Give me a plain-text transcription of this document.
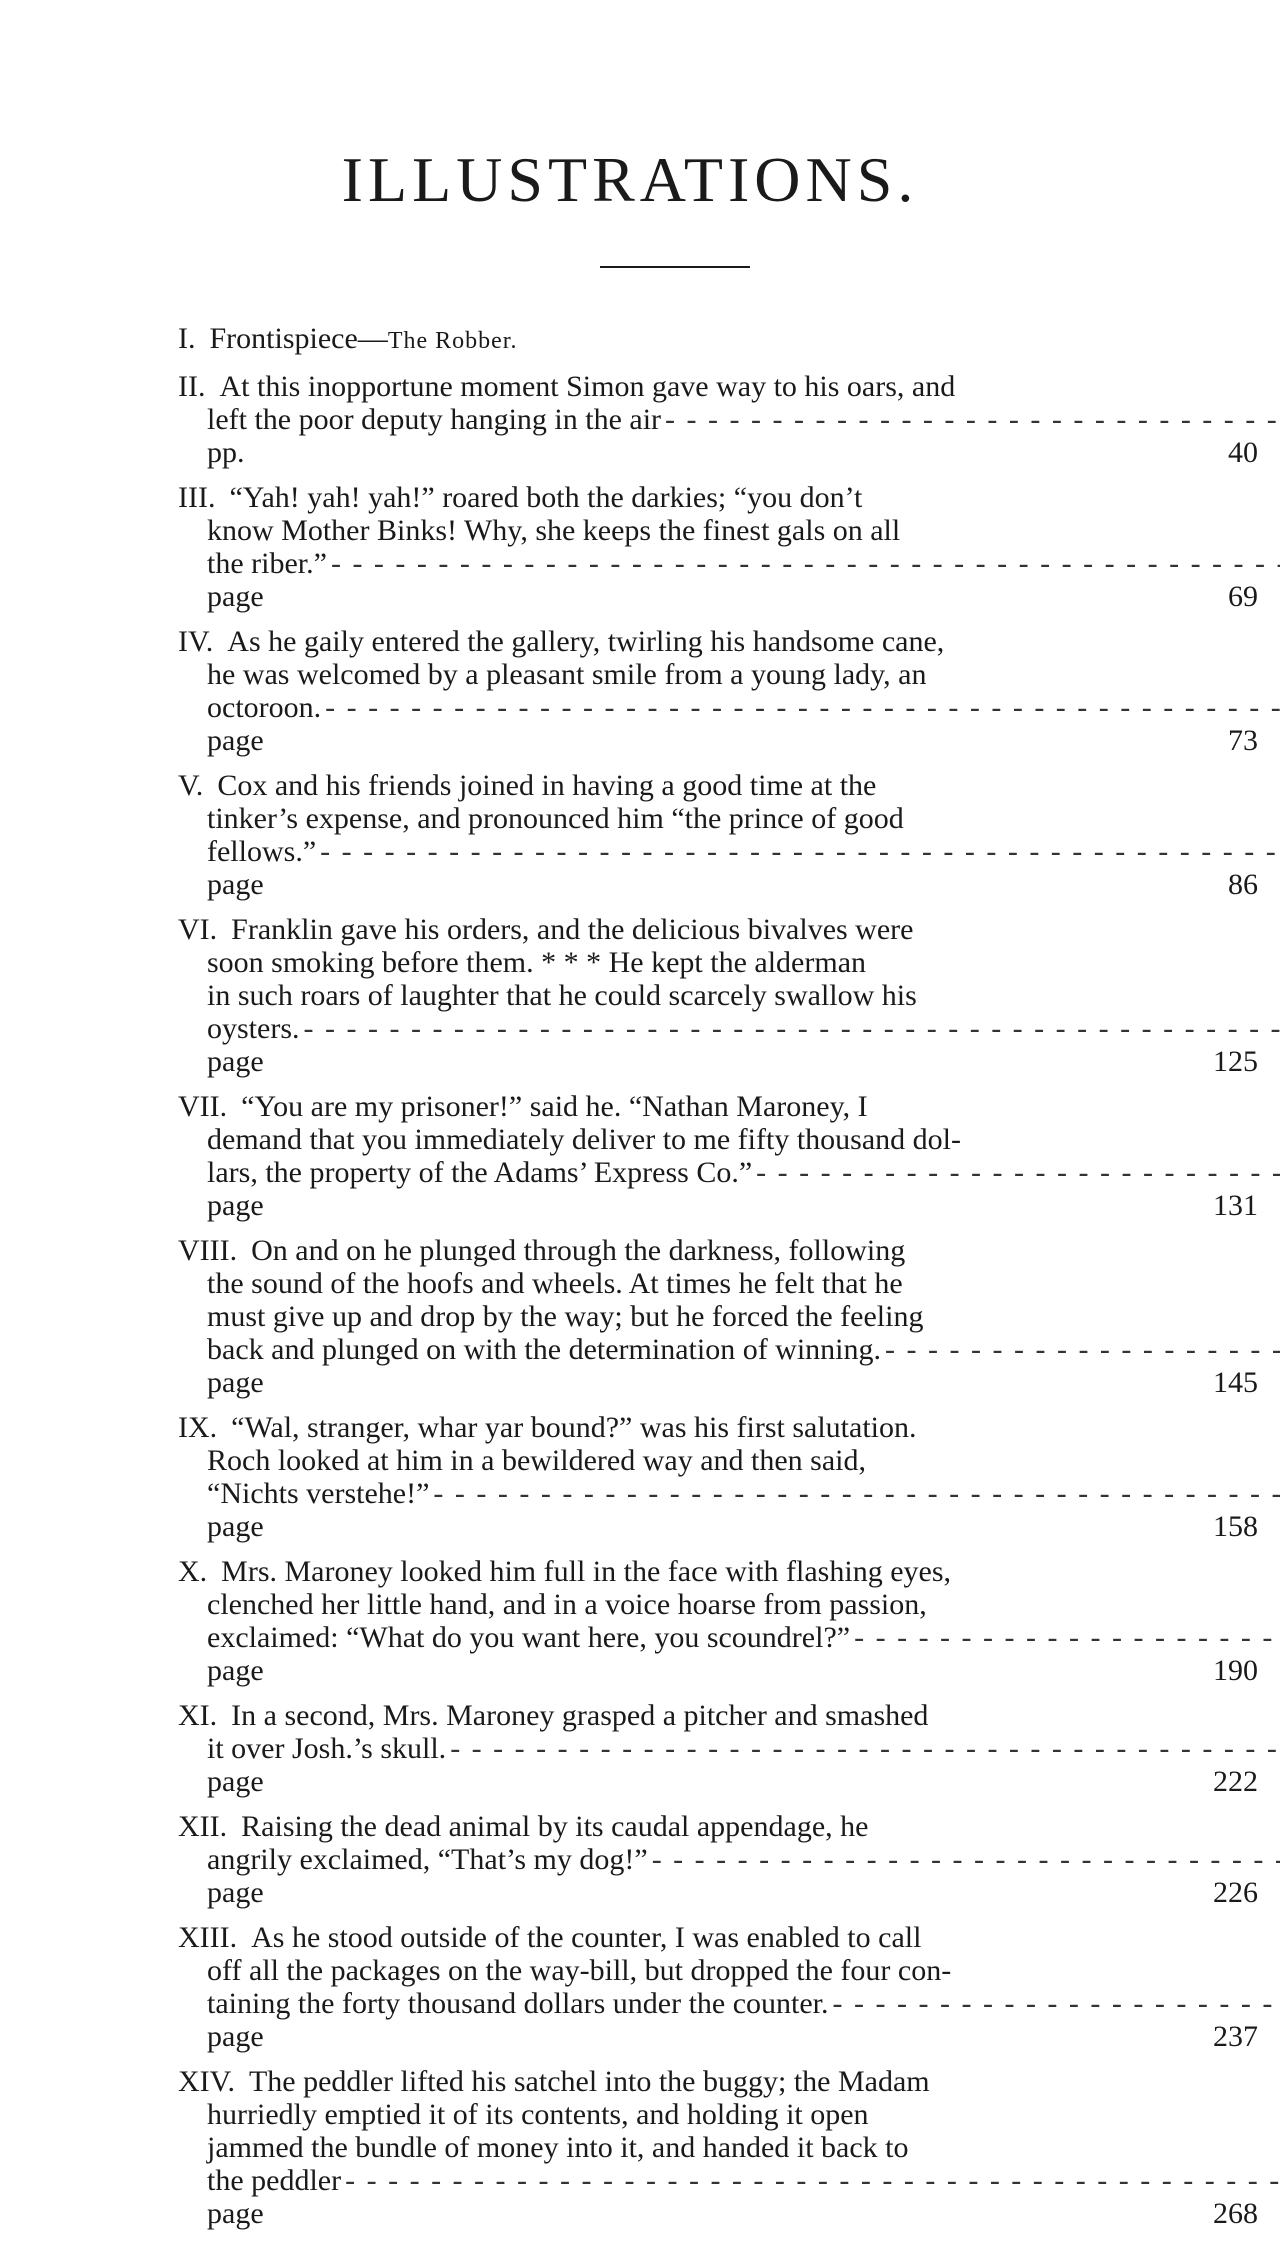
ILLUSTRATIONS.
I. Frontispiece—The Robber.
II. At this inopportune moment Simon gave way to his oars, and
left the poor deputy hanging in the air- - - pp.	40
III. “Yah! yah! yah!” roared both the darkies; “you don’t
know Mother Binks! Why, she keeps the finest gals on all
the riber.”- - - page	69
IV. As he gaily entered the gallery, twirling his handsome cane,
he was welcomed by a pleasant smile from a young lady, an
octoroon.- - - page	73
V. Cox and his friends joined in having a good time at the
tinker’s expense, and pronounced him “the prince of good
fellows.”- - - page	86
VI. Franklin gave his orders, and the delicious bivalves were
soon smoking before them. * * * He kept the alderman
in such roars of laughter that he could scarcely swallow his
oysters.- - - page	125
VII. “You are my prisoner!” said he. “Nathan Maroney, I
demand that you immediately deliver to me fifty thousand dol-
lars, the property of the Adams’ Express Co.”- - - page	131
VIII. On and on he plunged through the darkness, following
the sound of the hoofs and wheels. At times he felt that he
must give up and drop by the way; but he forced the feeling
back and plunged on with the determination of winning.- - - page	145
IX. “Wal, stranger, whar yar bound?” was his first salutation.
Roch looked at him in a bewildered way and then said,
“Nichts verstehe!”- - - page	158
X. Mrs. Maroney looked him full in the face with flashing eyes,
clenched her little hand, and in a voice hoarse from passion,
exclaimed: “What do you want here, you scoundrel?”- - - page	190
XI. In a second, Mrs. Maroney grasped a pitcher and smashed
it over Josh.’s skull.- - - page	222
XII. Raising the dead animal by its caudal appendage, he
angrily exclaimed, “That’s my dog!”- - - page	226
XIII. As he stood outside of the counter, I was enabled to call
off all the packages on the way-bill, but dropped the four con-
taining the forty thousand dollars under the counter.- - - page	237
XIV. The peddler lifted his satchel into the buggy; the Madam
hurriedly emptied it of its contents, and holding it open
jammed the bundle of money into it, and handed it back to
the peddler- - - page	268
